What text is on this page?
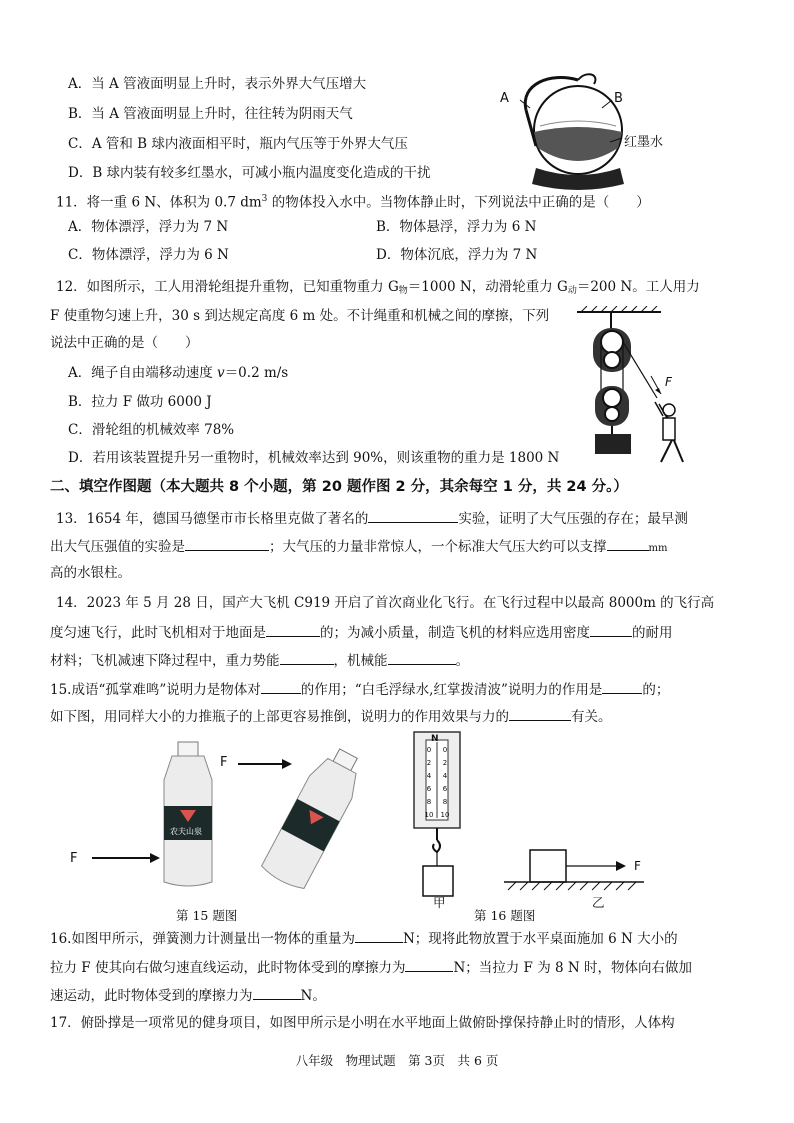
A．当 A 管液面明显上升时，表示外界大气压增大
B．当 A 管液面明显上升时，往往转为阴雨天气
C．A 管和 B 球内液面相平时，瓶内气压等于外界大气压
D．B 球内装有较多红墨水，可减小瓶内温度变化造成的干扰
A	B
红墨水
11．将一重 6 N、体积为 0.7 $dm^3$ 的物体投入水中。当物体静止时，下列说法中正确的是（　　）
A．物体漂浮，浮力为 7 N	B．物体悬浮，浮力为 6 N
C．物体漂浮，浮力为 6 N	D．物体沉底，浮力为 7 N
12．如图所示，工人用滑轮组提升重物，已知重物重力 $G_物=1000$ N，动滑轮重力 $G_动=200$ N。工人用力
F 使重物匀速上升，30 s 到达规定高度 6 m 处。不计绳重和机械之间的摩擦，下列
说法中正确的是（　　）
A．绳子自由端移动速度 v＝0.2 m/s
B．拉力 F 做功 6000 J
C．滑轮组的机械效率 78%
D．若用该装置提升另一重物时，机械效率达到 90%，则该重物的重力是 1800 N
F
二、填空作图题（本大题共 8 个小题，第 20 题作图 2 分，其余每空 1 分，共 24 分。）
13．1654 年，德国马德堡市市长格里克做了著名的	实验，证明了大气压强的存在；最早测
出大气压强值的实验是	；大气压的力量非常惊人，一个标准大气压大约可以支撑	mm
高的水银柱。
14．2023 年 5 月 28 日，国产大飞机 C919 开启了首次商业化飞行。在飞行过程中以最高 8000m 的飞行高
度匀速飞行，此时飞机相对于地面是	的；为减小质量，制造飞机的材料应选用密度	的耐用
材料；飞机减速下降过程中，重力势能	，机械能	。
15.成语“孤掌难鸣”说明力是物体对	的作用；“白毛浮绿水,红掌拨清波”说明力的作用是	的；
如下图，用同样大小的力推瓶子的上部更容易推倒，说明力的作用效果与力的	有关。
农夫山泉
F
F
第 15 题图
0
2
4
6
8
10
0
2
4
6
8
10
N
甲
F
乙
第 16 题图
16.如图甲所示，弹簧测力计测量出一物体的重量为	N；现将此物放置于水平桌面施加 6 N 大小的
拉力 F 使其向右做匀速直线运动，此时物体受到的摩擦力为	N；当拉力 F 为 8 N 时，物体向右做加
速运动，此时物体受到的摩擦力为	N。
17．俯卧撑是一项常见的健身项目，如图甲所示是小明在水平地面上做俯卧撑保持静止时的情形，人体构
八年级　物理试题　第 3页　共 6 页
